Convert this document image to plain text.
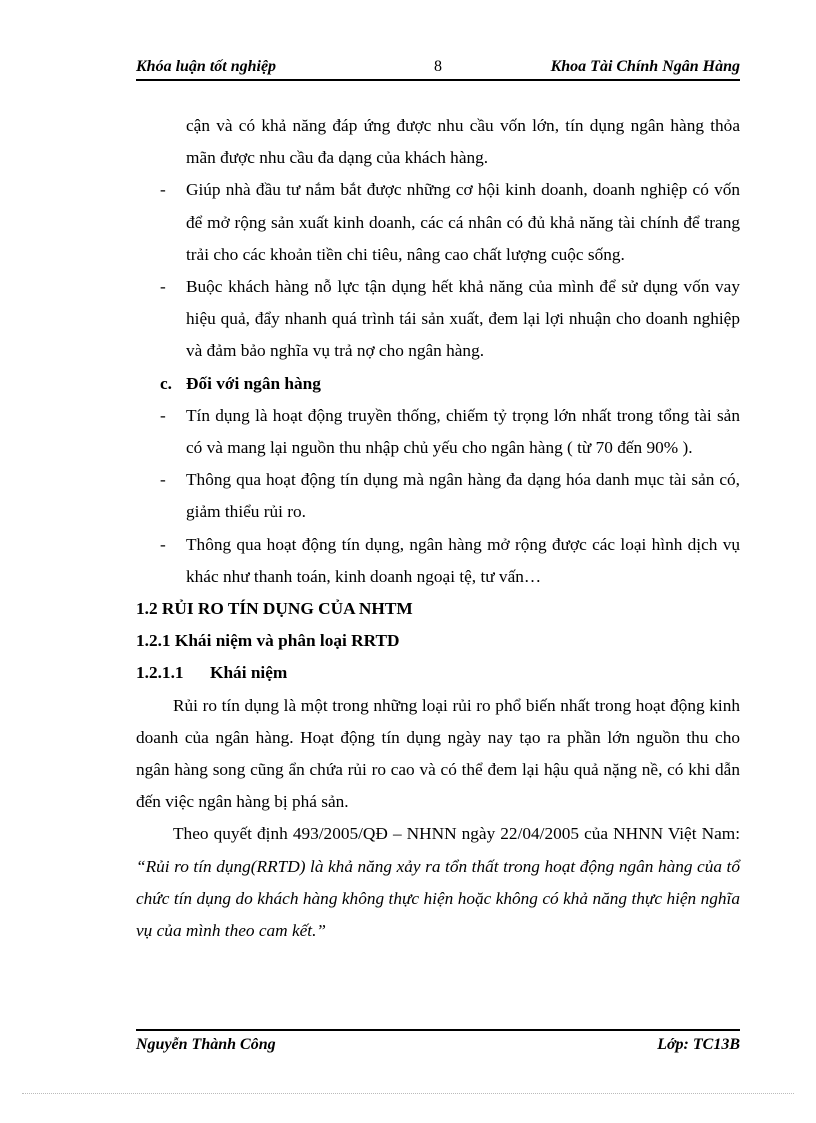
Khóa luận tốt nghiệp	8	Khoa Tài Chính Ngân Hàng

cận và có khả năng đáp ứng được nhu cầu vốn lớn, tín dụng ngân hàng thỏa mãn được nhu cầu đa dạng của khách hàng.

- Giúp nhà đầu tư nắm bắt được những cơ hội kinh doanh, doanh nghiệp có vốn để mở rộng sản xuất kinh doanh, các cá nhân có đủ khả năng tài chính để trang trải cho các khoản tiền chi tiêu, nâng cao chất lượng cuộc sống.

- Buộc khách hàng nỗ lực tận dụng hết khả năng của mình để sử dụng vốn vay hiệu quả, đẩy nhanh quá trình tái sản xuất, đem lại lợi nhuận cho doanh nghiệp và đảm bảo nghĩa vụ trả nợ cho ngân hàng.

c. Đối với ngân hàng

- Tín dụng là hoạt động truyền thống, chiếm tỷ trọng lớn nhất trong tổng tài sản có và mang lại nguồn thu nhập chủ yếu cho ngân hàng ( từ 70 đến 90% ).

- Thông qua hoạt động tín dụng mà ngân hàng đa dạng hóa danh mục tài sản có, giảm thiểu rủi ro.

- Thông qua hoạt động tín dụng, ngân hàng mở rộng được các loại hình dịch vụ khác như thanh toán, kinh doanh ngoại tệ, tư vấn…

1.2 RỦI RO TÍN DỤNG CỦA NHTM

1.2.1 Khái niệm và phân loại RRTD

1.2.1.1 Khái niệm

Rủi ro tín dụng là một trong những loại rủi ro phổ biến nhất trong hoạt động kinh doanh của ngân hàng. Hoạt động tín dụng ngày nay tạo ra phần lớn nguồn thu cho ngân hàng song cũng ẩn chứa rủi ro cao và có thể đem lại hậu quả nặng nề, có khi dẫn đến việc ngân hàng bị phá sản.

Theo quyết định 493/2005/QĐ – NHNN ngày 22/04/2005 của NHNN Việt Nam: “Rủi ro tín dụng(RRTD) là khả năng xảy ra tổn thất trong hoạt động ngân hàng của tổ chức tín dụng do khách hàng không thực hiện hoặc không có khả năng thực hiện nghĩa vụ của mình theo cam kết.”

Nguyễn Thành Công	Lớp: TC13B
